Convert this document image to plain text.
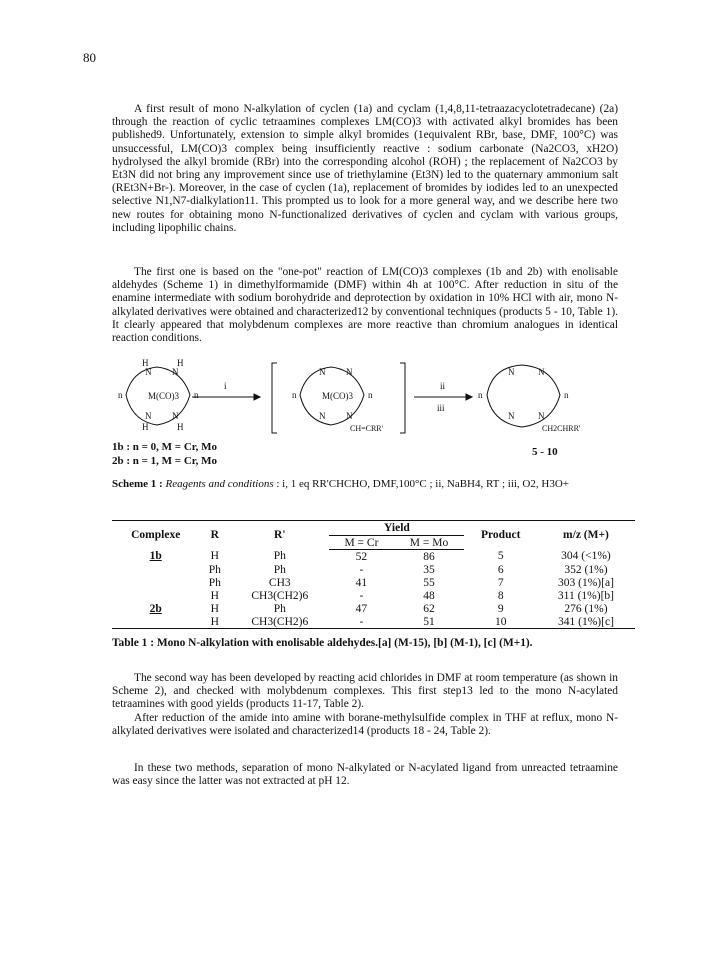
80

A first result of mono N-alkylation of cyclen (1a) and cyclam (1,4,8,11-tetraazacyclotetradecane) (2a) through the reaction of cyclic tetraamines complexes LM(CO)3 with activated alkyl bromides has been published9. Unfortunately, extension to simple alkyl bromides (1equivalent RBr, base, DMF, 100°C) was unsuccessful, LM(CO)3 complex being insufficiently reactive : sodium carbonate (Na2CO3, xH2O) hydrolysed the alkyl bromide (RBr) into the corresponding alcohol (ROH) ; the replacement of Na2CO3 by Et3N did not bring any improvement since use of triethylamine (Et3N) led to the quaternary ammonium salt (REt3N+Br-). Moreover, in the case of cyclen (1a), replacement of bromides by iodides led to an unexpected selective N1,N7-dialkylation11. This prompted us to look for a more general way, and we describe here two new routes for obtaining mono N-functionalized derivatives of cyclen and cyclam with various groups, including lipophilic chains.

The first one is based on the "one-pot" reaction of LM(CO)3 complexes (1b and 2b) with enolisable aldehydes (Scheme 1) in dimethylformamide (DMF) within 4h at 100°C. After reduction in situ of the enamine intermediate with sodium borohydride and deprotection by oxidation in 10% HCl with air, mono N-alkylated derivatives were obtained and characterized12 by conventional techniques (products 5 - 10, Table 1). It clearly appeared that molybdenum complexes are more reactive than chromium analogues in identical reaction conditions.

N N
N N
H	H
H	H
M(CO)3
n	n
i
N N
N N
M(CO)3
n	n
CH=CRR'
ii
iii
N	N
N	N
n	n
CH2CHRR'
1b : n = 0, M = Cr, Mo
2b : n = 1, M = Cr, Mo
5 - 10
Scheme 1 : Reagents and conditions : i, 1 eq RR'CHCHO, DMF,100°C ; ii, NaBH4, RT ; iii, O2, H3O+
Complexe	R	R'	Yield		Product	m/z (M+)
			M = Cr	M = Mo		
1b	H	Ph	52	86	5	304 (<1%)
	Ph	Ph	-	35	6	352 (1%)
	Ph	CH3	41	55	7	303 (1%)[a]
	H	CH3(CH2)6	-	48	8	311 (1%)[b]
2b	H	Ph	47	62	9	276 (1%)
	H	CH3(CH2)6	-	51	10	341 (1%)[c]
Table 1 : Mono N-alkylation with enolisable aldehydes.[a] (M-15), [b] (M-1), [c] (M+1).

The second way has been developed by reacting acid chlorides in DMF at room temperature (as shown in Scheme 2), and checked with molybdenum complexes. This first step13 led to the mono N-acylated tetraamines with good yields (products 11-17, Table 2).

After reduction of the amide into amine with borane-methylsulfide complex in THF at reflux, mono N-alkylated derivatives were isolated and characterized14 (products 18 - 24, Table 2).

In these two methods, separation of mono N-alkylated or N-acylated ligand from unreacted tetraamine was easy since the latter was not extracted at pH 12.
